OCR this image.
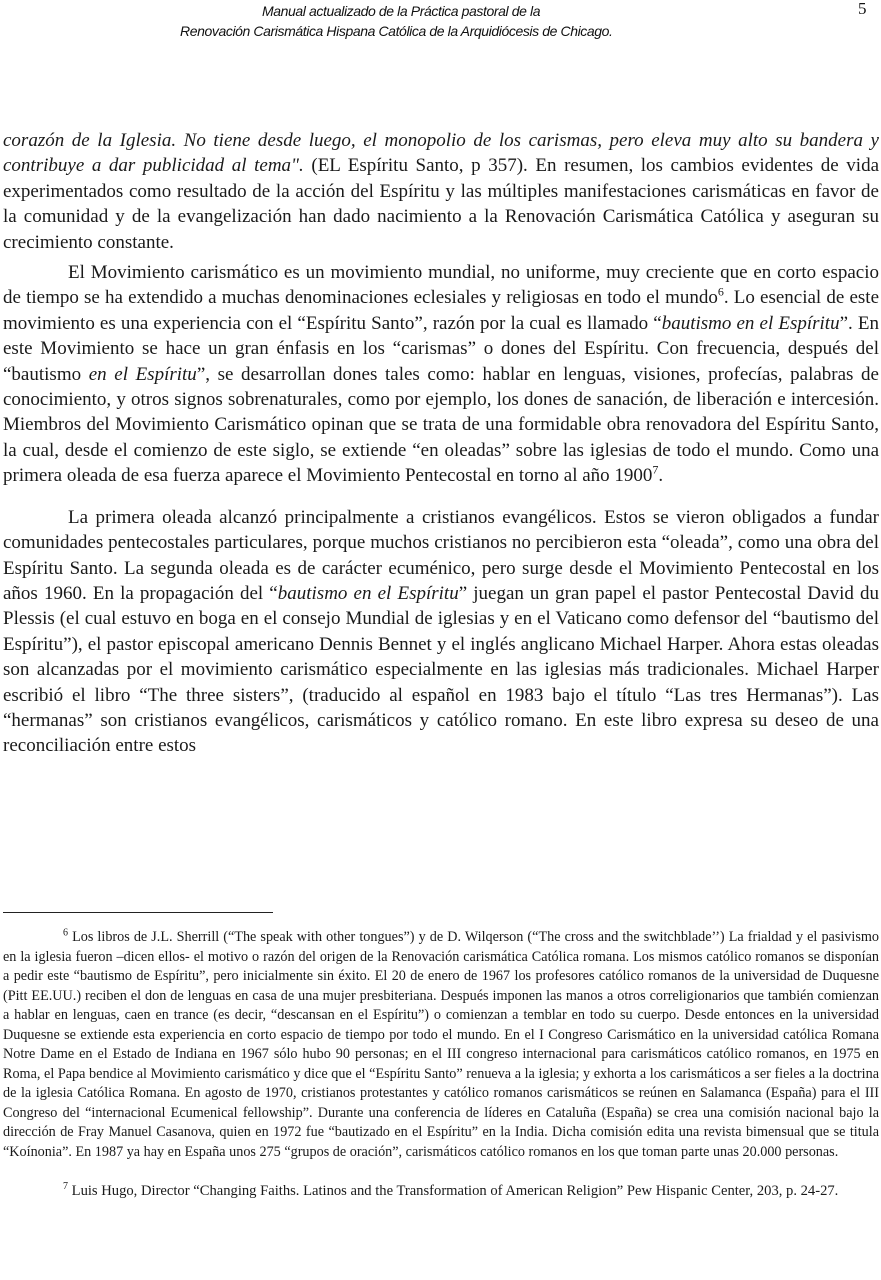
Manual actualizado de la Práctica pastoral de la
Renovación Carismática Hispana Católica de la Arquidiócesis de Chicago.
5

corazón de la Iglesia. No tiene desde luego, el monopolio de los carismas, pero eleva muy alto su bandera y contribuye a dar publicidad al tema". (EL Espíritu Santo, p 357). En resumen, los cambios evidentes de vida experimentados como resultado de la acción del Espíritu y las múltiples manifestaciones carismáticas en favor de la comunidad y de la evangelización han dado nacimiento a la Renovación Carismática Católica y aseguran su crecimiento constante.

El Movimiento carismático es un movimiento mundial, no uniforme, muy creciente que en corto espacio de tiempo se ha extendido a muchas denominaciones eclesiales y religiosas en todo el mundo$^6$. Lo esencial de este movimiento es una experiencia con el “Espíritu Santo”, razón por la cual es llamado “bautismo en el Espíritu”. En este Movimiento se hace un gran énfasis en los “carismas” o dones del Espíritu. Con frecuencia, después del “bautismo en el Espíritu”, se desarrollan dones tales como: hablar en lenguas, visiones, profecías, palabras de conocimiento, y otros signos sobrenaturales, como por ejemplo, los dones de sanación, de liberación e intercesión. Miembros del Movimiento Carismático opinan que se trata de una formidable obra renovadora del Espíritu Santo, la cual, desde el comienzo de este siglo, se extiende “en oleadas” sobre las iglesias de todo el mundo. Como una primera oleada de esa fuerza aparece el Movimiento Pentecostal en torno al año 1900$^7$.

La primera oleada alcanzó principalmente a cristianos evangélicos. Estos se vieron obligados a fundar comunidades pentecostales particulares, porque muchos cristianos no percibieron esta “oleada”, como una obra del Espíritu Santo. La segunda oleada es de carácter ecuménico, pero surge desde el Movimiento Pentecostal en los años 1960. En la propagación del “bautismo en el Espíritu” juegan un gran papel el pastor Pentecostal David du Plessis (el cual estuvo en boga en el consejo Mundial de iglesias y en el Vaticano como defensor del “bautismo del Espíritu”), el pastor episcopal americano Dennis Bennet y el inglés anglicano Michael Harper. Ahora estas oleadas son alcanzadas por el movimiento carismático especialmente en las iglesias más tradicionales. Michael Harper escribió el libro “The three sisters”, (traducido al español en 1983 bajo el título “Las tres Hermanas”). Las “hermanas” son cristianos evangélicos, carismáticos y católico romano. En este libro expresa su deseo de una reconciliación entre estos

$^6$ Los libros de J.L. Sherrill (“The speak with other tongues”) y de D. Wilqerson (“The cross and the switchblade’’) La frialdad y el pasivismo en la iglesia fueron –dicen ellos- el motivo o razón del origen de la Renovación carismática Católica romana. Los mismos católico romanos se disponían a pedir este “bautismo de Espíritu”, pero inicialmente sin éxito. El 20 de enero de 1967 los profesores católico romanos de la universidad de Duquesne (Pitt EE.UU.) reciben el don de lenguas en casa de una mujer presbiteriana. Después imponen las manos a otros correligionarios que también comienzan a hablar en lenguas, caen en trance (es decir, “descansan en el Espíritu”) o comienzan a temblar en todo su cuerpo. Desde entonces en la universidad Duquesne se extiende esta experiencia en corto espacio de tiempo por todo el mundo. En el I Congreso Carismático en la universidad católica Romana Notre Dame en el Estado de Indiana en 1967 sólo hubo 90 personas; en el III congreso internacional para carismáticos católico romanos, en 1975 en Roma, el Papa bendice al Movimiento carismático y dice que el “Espíritu Santo” renueva a la iglesia; y exhorta a los carismáticos a ser fieles a la doctrina de la iglesia Católica Romana. En agosto de 1970, cristianos protestantes y católico romanos carismáticos se reúnen en Salamanca (España) para el III Congreso del “internacional Ecumenical fellowship”. Durante una conferencia de líderes en Cataluña (España) se crea una comisión nacional bajo la dirección de Fray Manuel Casanova, quien en 1972 fue “bautizado en el Espíritu” en la India. Dicha comisión edita una revista bimensual que se titula “Koínonia”. En 1987 ya hay en España unos 275 “grupos de oración”, carismáticos católico romanos en los que toman parte unas 20.000 personas.

$^7$ Luis Hugo, Director “Changing Faiths. Latinos and the Transformation of American Religion” Pew Hispanic Center, 203, p. 24-27.
